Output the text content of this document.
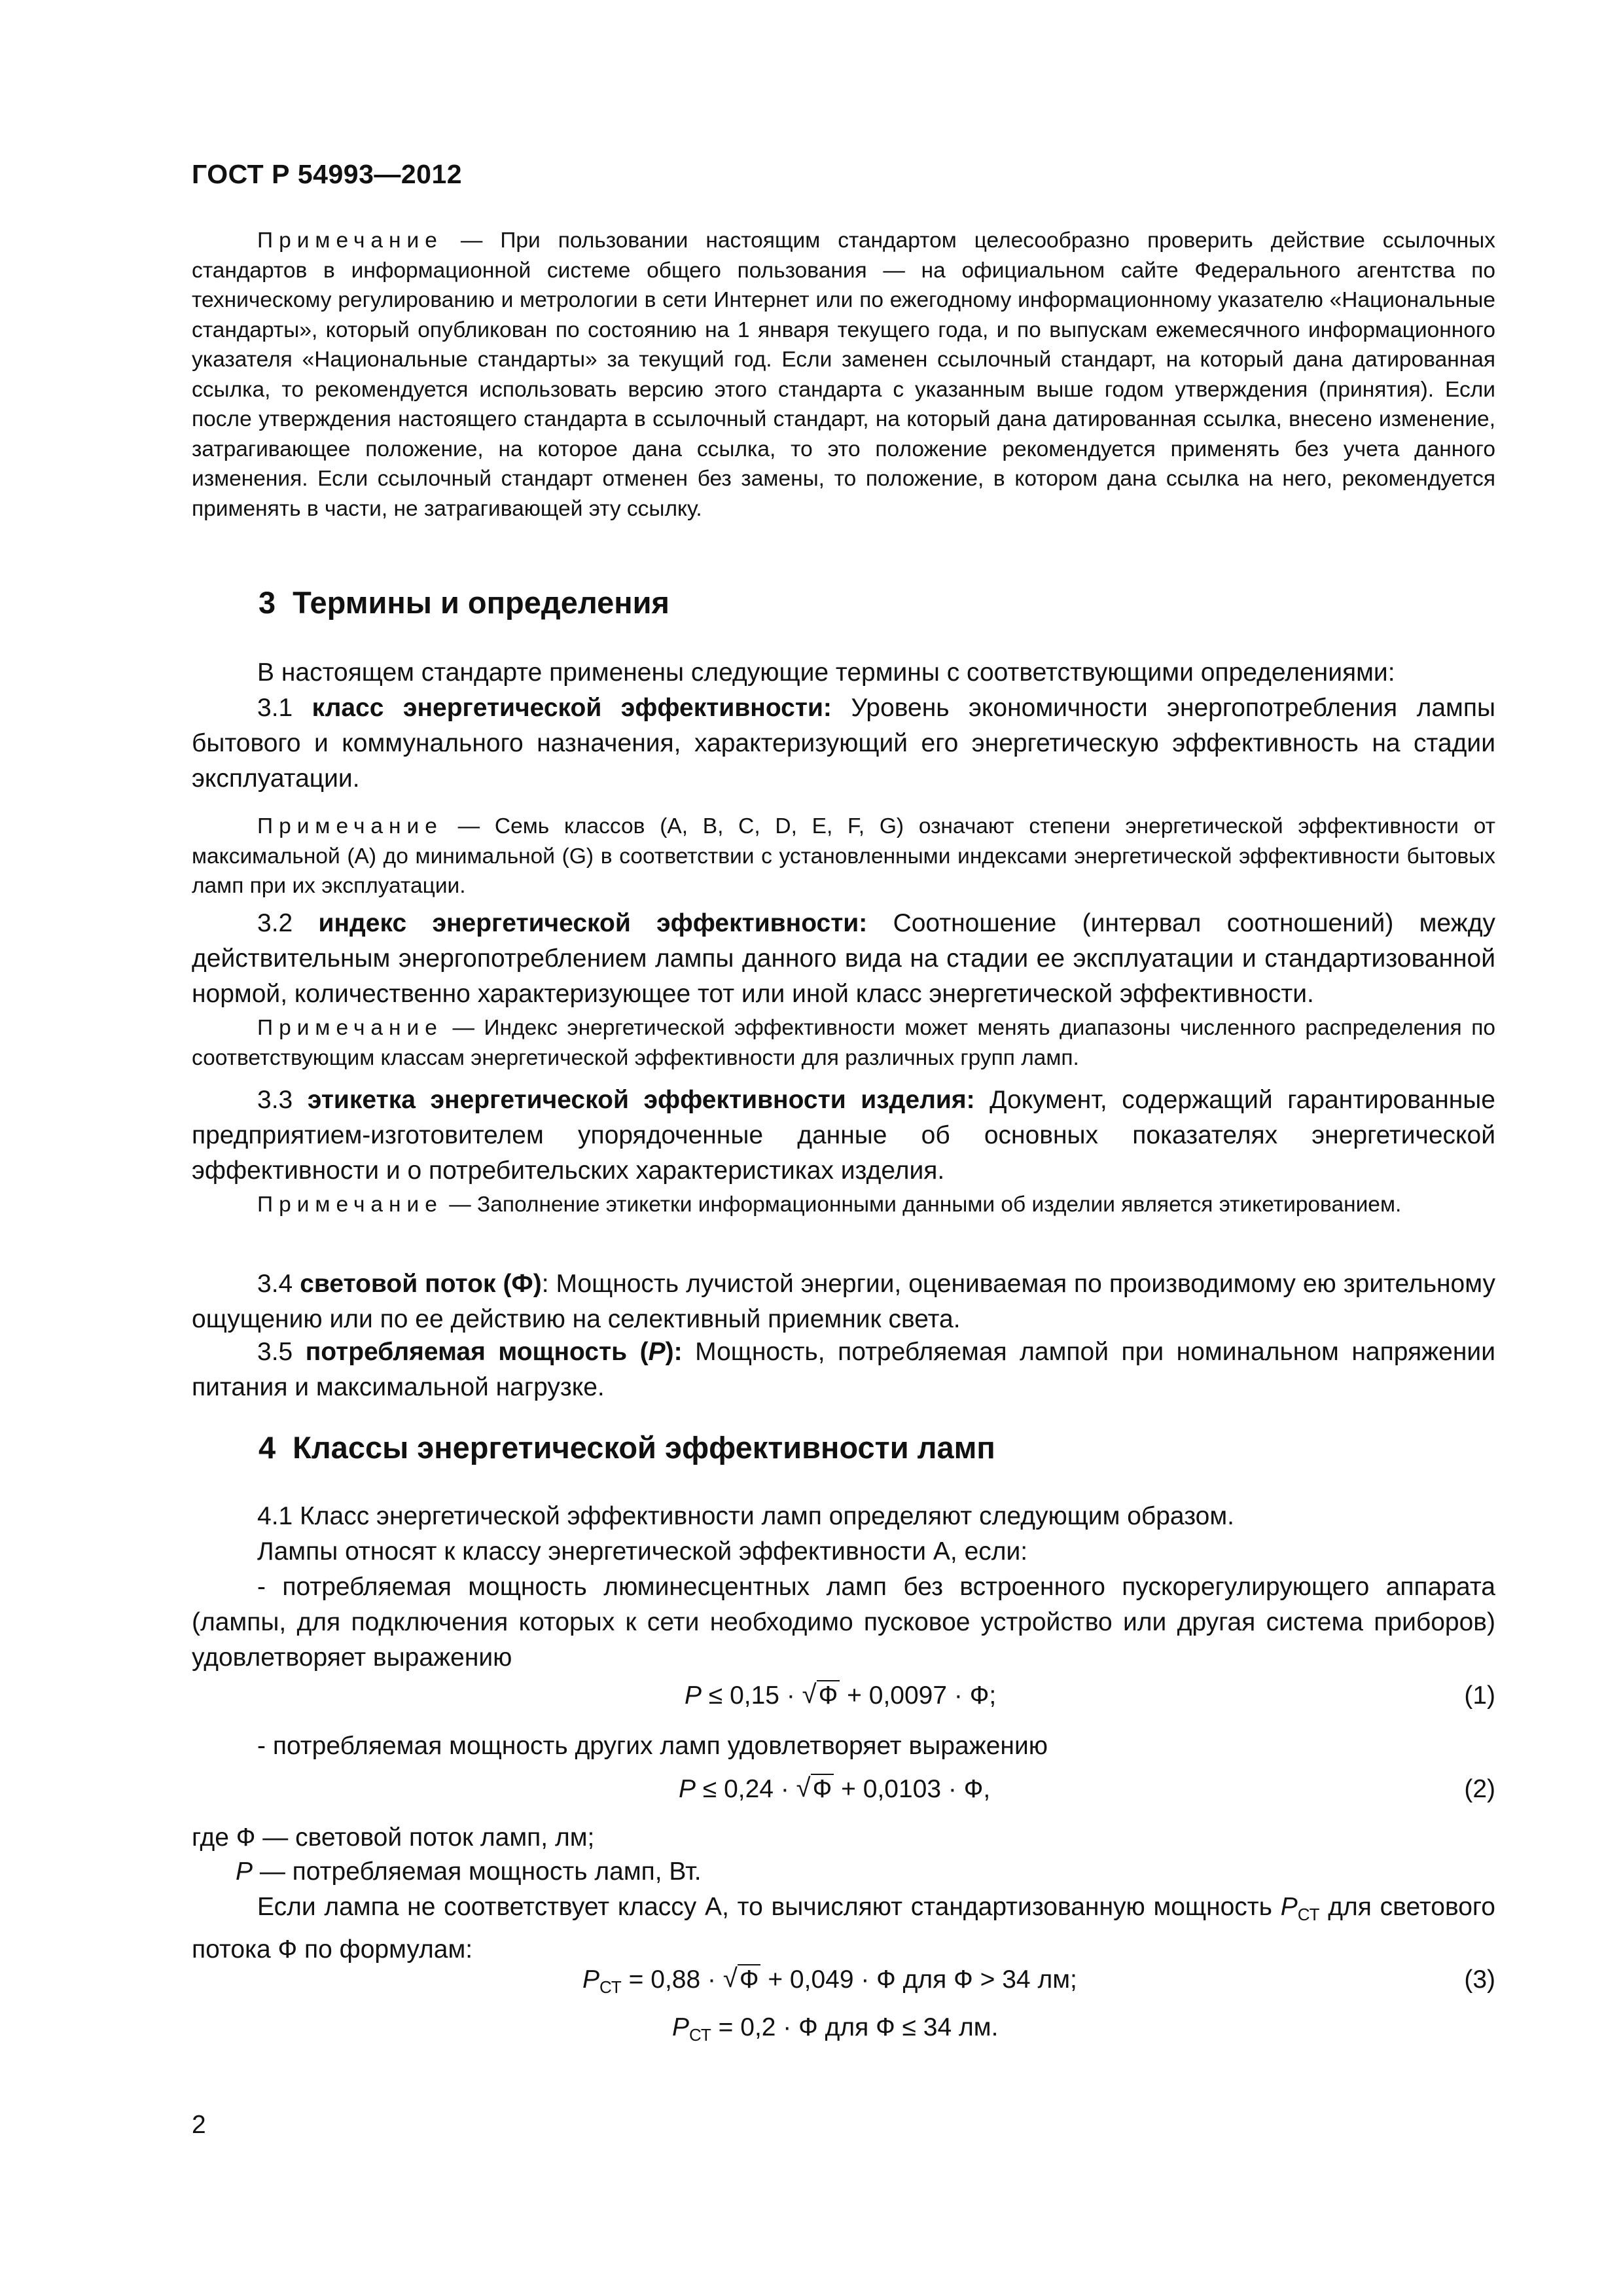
ГОСТ Р 54993—2012
Примечание — При пользовании настоящим стандартом целесообразно проверить действие ссылочных стандартов в информационной системе общего пользования — на официальном сайте Федерального агентства по техническому регулированию и метрологии в сети Интернет или по ежегодному информационному указателю «Национальные стандарты», который опубликован по состоянию на 1 января текущего года, и по выпускам ежемесячного информационного указателя «Национальные стандарты» за текущий год. Если заменен ссылочный стандарт, на который дана датированная ссылка, то рекомендуется использовать версию этого стандарта с указанным выше годом утверждения (принятия). Если после утверждения настоящего стандарта в ссылочный стандарт, на который дана датированная ссылка, внесено изменение, затрагивающее положение, на которое дана ссылка, то это положение рекомендуется применять без учета данного изменения. Если ссылочный стандарт отменен без замены, то положение, в котором дана ссылка на него, рекомендуется применять в части, не затрагивающей эту ссылку.
3 Термины и определения
В настоящем стандарте применены следующие термины с соответствующими определениями:
3.1 класс энергетической эффективности: Уровень экономичности энергопотребления лампы бытового и коммунального назначения, характеризующий его энергетическую эффективность на стадии эксплуатации.
Примечание — Семь классов (A, B, C, D, E, F, G) означают степени энергетической эффективности от максимальной (A) до минимальной (G) в соответствии с установленными индексами энергетической эффективности бытовых ламп при их эксплуатации.
3.2 индекс энергетической эффективности: Соотношение (интервал соотношений) между действительным энергопотреблением лампы данного вида на стадии ее эксплуатации и стандартизованной нормой, количественно характеризующее тот или иной класс энергетической эффективности.
Примечание — Индекс энергетической эффективности может менять диапазоны численного распределения по соответствующим классам энергетической эффективности для различных групп ламп.
3.3 этикетка энергетической эффективности изделия: Документ, содержащий гарантированные предприятием-изготовителем упорядоченные данные об основных показателях энергетической эффективности и о потребительских характеристиках изделия.
Примечание — Заполнение этикетки информационными данными об изделии является этикетированием.
3.4 световой поток (Ф): Мощность лучистой энергии, оцениваемая по производимому ею зрительному ощущению или по ее действию на селективный приемник света.
3.5 потребляемая мощность (P): Мощность, потребляемая лампой при номинальном напряжении питания и максимальной нагрузке.
4 Классы энергетической эффективности ламп
4.1 Класс энергетической эффективности ламп определяют следующим образом.
Лампы относят к классу энергетической эффективности A, если:
- потребляемая мощность люминесцентных ламп без встроенного пускорегулирующего аппарата (лампы, для подключения которых к сети необходимо пусковое устройство или другая система приборов) удовлетворяет выражению
P ≤ 0,15 · √ Ф + 0,0097 · Ф;	(1)
- потребляемая мощность других ламп удовлетворяет выражению
P ≤ 0,24 · √ Ф + 0,0103 · Ф,	(2)
где Ф — световой поток ламп, лм;
P — потребляемая мощность ламп, Вт.
Если лампа не соответствует классу A, то вычисляют стандартизованную мощность $P_{СТ}$ для светового потока Ф по формулам:
$P_{СТ} = 0,88$ · √ Ф + 0,049 · Ф для Ф > 34 лм;	(3)
$P_{СТ} = 0,2 \cdot Ф$ для Ф ≤ 34 лм.
2
